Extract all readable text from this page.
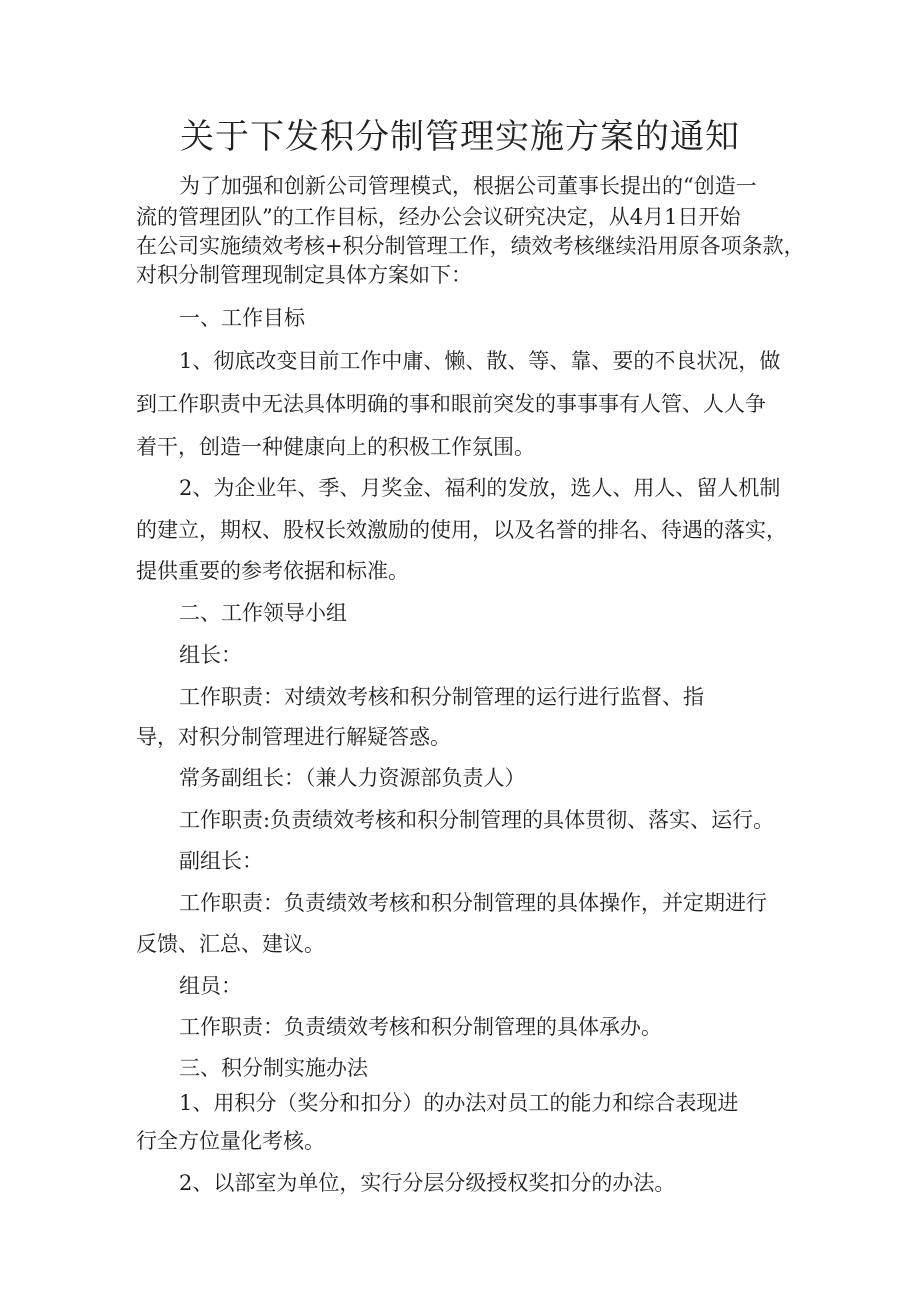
关于下发积分制管理实施方案的通知
为了加强和创新公司管理模式，根据公司董事长提出的“创造一
流的管理团队”的工作目标，经办公会议研究决定，从4月1日开始
在公司实施绩效考核+积分制管理工作，绩效考核继续沿用原各项条款，
对积分制管理现制定具体方案如下：
一、工作目标
1、彻底改变目前工作中庸、懒、散、等、靠、要的不良状况，做
到工作职责中无法具体明确的事和眼前突发的事事事有人管、人人争
着干，创造一种健康向上的积极工作氛围。
2、为企业年、季、月奖金、福利的发放，选人、用人、留人机制
的建立，期权、股权长效激励的使用，以及名誉的排名、待遇的落实，
提供重要的参考依据和标准。
二、工作领导小组
组长：
工作职责：对绩效考核和积分制管理的运行进行监督、指
导，对积分制管理进行解疑答惑。
常务副组长：（兼人力资源部负责人）
工作职责:负责绩效考核和积分制管理的具体贯彻、落实、运行。
副组长：
工作职责：负责绩效考核和积分制管理的具体操作，并定期进行
反馈、汇总、建议。
组员：
工作职责：负责绩效考核和积分制管理的具体承办。
三、积分制实施办法
1、用积分（奖分和扣分）的办法对员工的能力和综合表现进
行全方位量化考核。
2、以部室为单位，实行分层分级授权奖扣分的办法。
